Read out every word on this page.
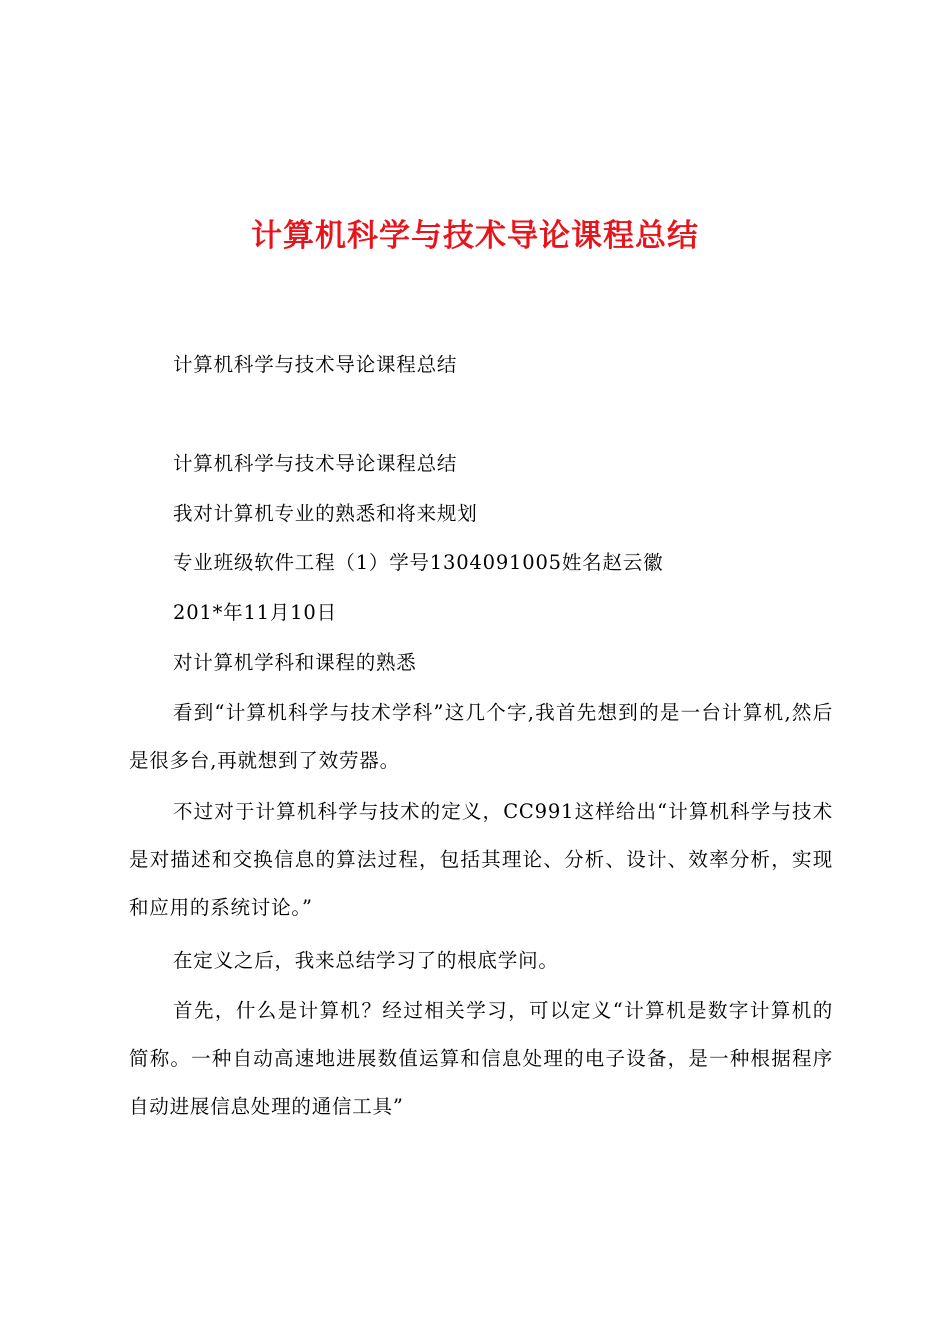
计算机科学与技术导论课程总结
计算机科学与技术导论课程总结
计算机科学与技术导论课程总结
我对计算机专业的熟悉和将来规划
专业班级软件工程（1）学号1304091005姓名赵云徽
201*年11月10日
对计算机学科和课程的熟悉
看到“计算机科学与技术学科”这几个字,我首先想到的是一台计算机,然后是很多台,再就想到了效劳器。
不过对于计算机科学与技术的定义，CC991这样给出“计算机科学与技术是对描述和交换信息的算法过程，包括其理论、分析、设计、效率分析，实现和应用的系统讨论。”
在定义之后，我来总结学习了的根底学问。
首先，什么是计算机？经过相关学习，可以定义“计算机是数字计算机的简称。一种自动高速地进展数值运算和信息处理的电子设备，是一种根据程序自动进展信息处理的通信工具”
